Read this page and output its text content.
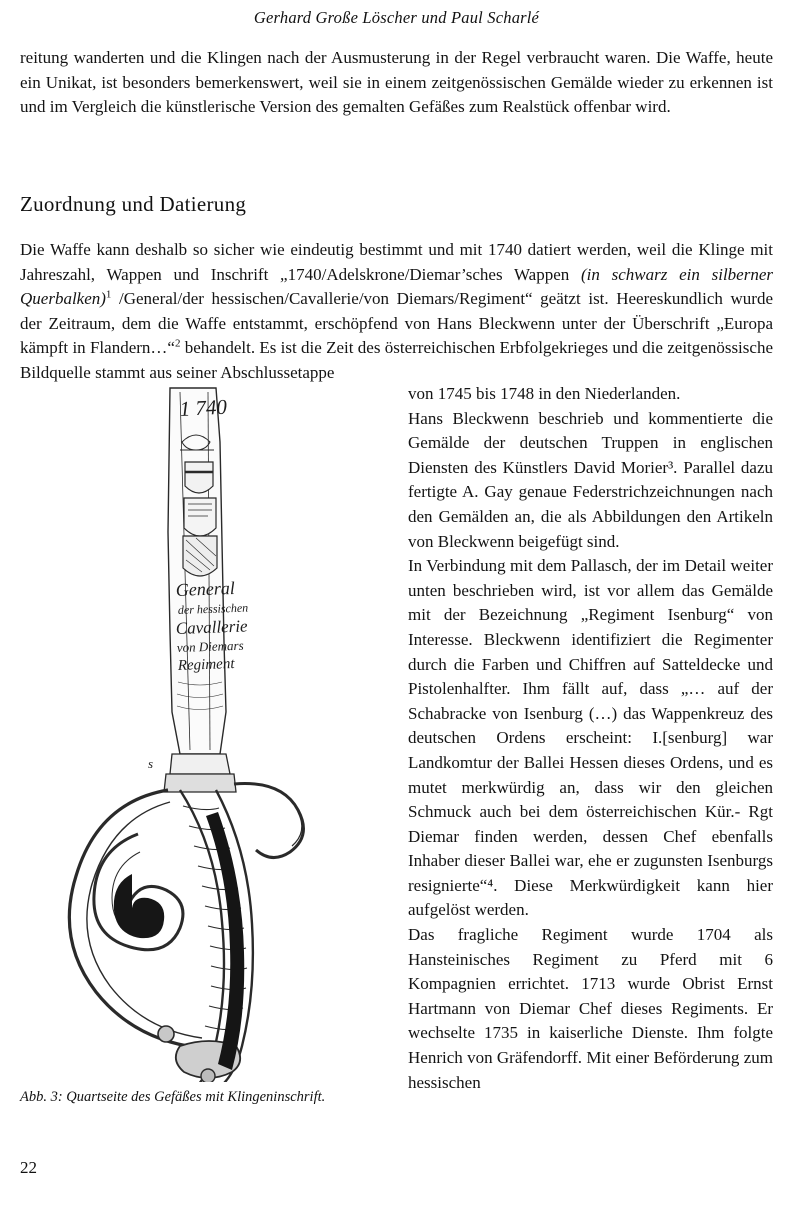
Gerhard Große Löscher und Paul Scharlé

reitung wanderten und die Klingen nach der Ausmusterung in der Regel verbraucht waren. Die Waffe, heute ein Unikat, ist besonders bemerkenswert, weil sie in einem zeitgenössischen Gemälde wieder zu erkennen ist und im Vergleich die künstlerische Version des gemalten Gefäßes zum Realstück offenbar wird.

Zuordnung und Datierung

Die Waffe kann deshalb so sicher wie eindeutig bestimmt und mit 1740 datiert werden, weil die Klinge mit Jahreszahl, Wappen und Inschrift „1740/Adelskrone/Diemar’sches Wappen (in schwarz ein silberner Querbalken)$^1$ /General/der hessischen/Cavallerie/von Diemars/Regiment“ geätzt ist. Heereskundlich wurde der Zeitraum, dem die Waffe entstammt, erschöpfend von Hans Bleckwenn unter der Überschrift „Europa kämpft in Flandern…“$^2$ behandelt. Es ist die Zeit des österreichischen Erbfolgekrieges und die zeitgenössische Bildquelle stammt aus seiner Abschlussetappe

1 740
General
der hessischen
Cavallerie
von Diemars
Regiment
s
Abb. 3: Quartseite des Gefäßes mit Klingeninschrift.

von 1745 bis 1748 in den Niederlanden.

Hans Bleckwenn beschrieb und kommentierte die Gemälde der deutschen Truppen in englischen Diensten des Künstlers David Morier³. Parallel dazu fertigte A. Gay genaue Federstrichzeichnungen nach den Gemälden an, die als Abbildungen den Artikeln von Bleckwenn beigefügt sind.

In Verbindung mit dem Pallasch, der im Detail weiter unten beschrieben wird, ist vor allem das Gemälde mit der Bezeichnung „Regiment Isenburg“ von Interesse. Bleckwenn identifiziert die Regimenter durch die Farben und Chiffren auf Satteldecke und Pistolenhalfter. Ihm fällt auf, dass „… auf der Schabracke von Isenburg (…) das Wappenkreuz des deutschen Ordens erscheint: I.[senburg] war Landkomtur der Ballei Hessen dieses Ordens, und es mutet merkwürdig an, dass wir den gleichen Schmuck auch bei dem österreichischen Kür.- Rgt Diemar finden werden, dessen Chef ebenfalls Inhaber dieser Ballei war, ehe er zugunsten Isenburgs resignierte“⁴. Diese Merkwürdigkeit kann hier aufgelöst werden.

Das fragliche Regiment wurde 1704 als Hansteinisches Regiment zu Pferd mit 6 Kompagnien errichtet. 1713 wurde Obrist Ernst Hartmann von Diemar Chef dieses Regiments. Er wechselte 1735 in kaiserliche Dienste. Ihm folgte Henrich von Gräfendorff. Mit einer Beförderung zum hessischen

22
